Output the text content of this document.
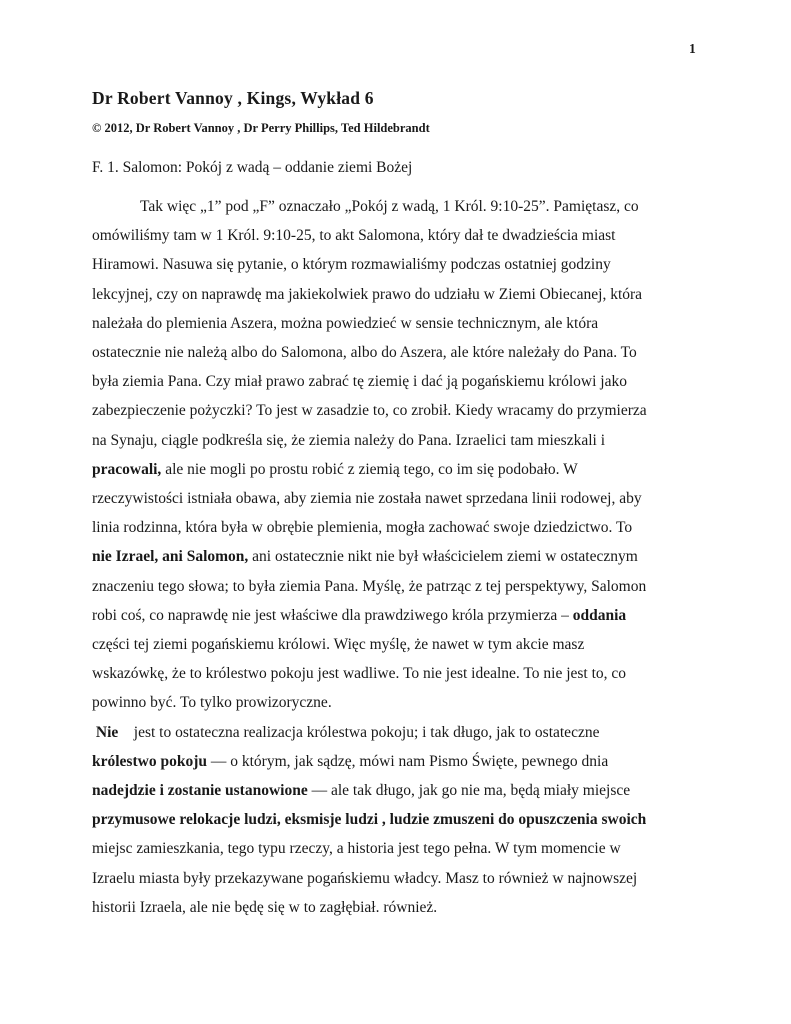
1
Dr Robert Vannoy , Kings, Wykład 6
© 2012, Dr Robert Vannoy , Dr Perry Phillips, Ted Hildebrandt
F. 1. Salomon: Pokój z wadą – oddanie ziemi Bożej
Tak więc „1” pod „F” oznaczało „Pokój z wadą, 1 Król. 9:10-25”. Pamiętasz, co
omówiliśmy tam w 1 Król. 9:10-25, to akt Salomona, który dał te dwadzieścia miast
Hiramowi. Nasuwa się pytanie, o którym rozmawialiśmy podczas ostatniej godziny
lekcyjnej, czy on naprawdę ma jakiekolwiek prawo do udziału w Ziemi Obiecanej, która
należała do plemienia Aszera, można powiedzieć w sensie technicznym, ale która
ostatecznie nie należą albo do Salomona, albo do Aszera, ale które należały do Pana. To
była ziemia Pana. Czy miał prawo zabrać tę ziemię i dać ją pogańskiemu królowi jako
zabezpieczenie pożyczki? To jest w zasadzie to, co zrobił. Kiedy wracamy do przymierza
na Synaju, ciągle podkreśla się, że ziemia należy do Pana. Izraelici tam mieszkali i
pracowali, ale nie mogli po prostu robić z ziemią tego, co im się podobało. W
rzeczywistości istniała obawa, aby ziemia nie została nawet sprzedana linii rodowej, aby
linia rodzinna, która była w obrębie plemienia, mogła zachować swoje dziedzictwo. To
nie Izrael, ani Salomon, ani ostatecznie nikt nie był właścicielem ziemi w ostatecznym
znaczeniu tego słowa; to była ziemia Pana. Myślę, że patrząc z tej perspektywy, Salomon
robi coś, co naprawdę nie jest właściwe dla prawdziwego króla przymierza – oddania
części tej ziemi pogańskiemu królowi. Więc myślę, że nawet w tym akcie masz
wskazówkę, że to królestwo pokoju jest wadliwe. To nie jest idealne. To nie jest to, co
powinno być. To tylko prowizoryczne.
Nie    jest to ostateczna realizacja królestwa pokoju; i tak długo, jak to ostateczne
królestwo pokoju — o którym, jak sądzę, mówi nam Pismo Święte, pewnego dnia
nadejdzie i zostanie ustanowione — ale tak długo, jak go nie ma, będą miały miejsce
przymusowe relokacje ludzi, eksmisje ludzi , ludzie zmuszeni do opuszczenia swoich
miejsc zamieszkania, tego typu rzeczy, a historia jest tego pełna. W tym momencie w
Izraelu miasta były przekazywane pogańskiemu władcy. Masz to również w najnowszej
historii Izraela, ale nie będę się w to zagłębiał. również.
